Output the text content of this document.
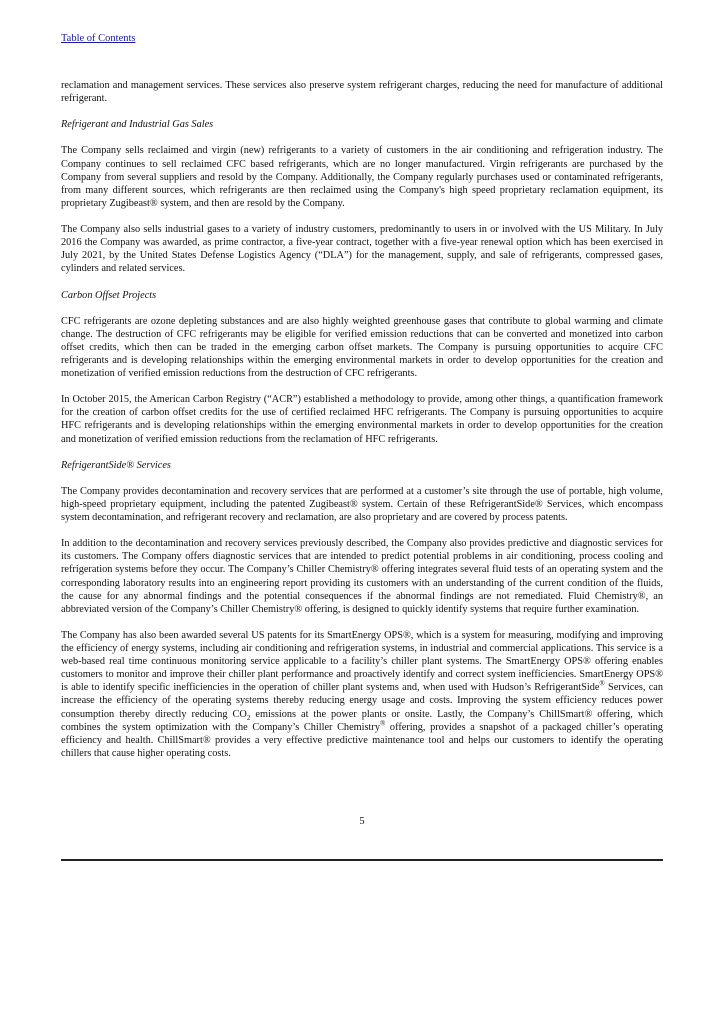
Table of Contents

reclamation and management services. These services also preserve system refrigerant charges, reducing the need for manufacture of additional refrigerant.

Refrigerant and Industrial Gas Sales

The Company sells reclaimed and virgin (new) refrigerants to a variety of customers in the air conditioning and refrigeration industry. The Company continues to sell reclaimed CFC based refrigerants, which are no longer manufactured. Virgin refrigerants are purchased by the Company from several suppliers and resold by the Company. Additionally, the Company regularly purchases used or contaminated refrigerants, from many different sources, which refrigerants are then reclaimed using the Company's high speed proprietary reclamation equipment, its proprietary Zugibeast® system, and then are resold by the Company.

The Company also sells industrial gases to a variety of industry customers, predominantly to users in or involved with the US Military. In July 2016 the Company was awarded, as prime contractor, a five-year contract, together with a five-year renewal option which has been exercised in July 2021, by the United States Defense Logistics Agency (“DLA”) for the management, supply, and sale of refrigerants, compressed gases, cylinders and related services.

Carbon Offset Projects

CFC refrigerants are ozone depleting substances and are also highly weighted greenhouse gases that contribute to global warming and climate change. The destruction of CFC refrigerants may be eligible for verified emission reductions that can be converted and monetized into carbon offset credits, which then can be traded in the emerging carbon offset markets. The Company is pursuing opportunities to acquire CFC refrigerants and is developing relationships within the emerging environmental markets in order to develop opportunities for the creation and monetization of verified emission reductions from the destruction of CFC refrigerants.

In October 2015, the American Carbon Registry (“ACR”) established a methodology to provide, among other things, a quantification framework for the creation of carbon offset credits for the use of certified reclaimed HFC refrigerants. The Company is pursuing opportunities to acquire HFC refrigerants and is developing relationships within the emerging environmental markets in order to develop opportunities for the creation and monetization of verified emission reductions from the reclamation of HFC refrigerants.

RefrigerantSide® Services

The Company provides decontamination and recovery services that are performed at a customer’s site through the use of portable, high volume, high-speed proprietary equipment, including the patented Zugibeast® system. Certain of these RefrigerantSide® Services, which encompass system decontamination, and refrigerant recovery and reclamation, are also proprietary and are covered by process patents.

In addition to the decontamination and recovery services previously described, the Company also provides predictive and diagnostic services for its customers. The Company offers diagnostic services that are intended to predict potential problems in air conditioning, process cooling and refrigeration systems before they occur. The Company’s Chiller Chemistry® offering integrates several fluid tests of an operating system and the corresponding laboratory results into an engineering report providing its customers with an understanding of the current condition of the fluids, the cause for any abnormal findings and the potential consequences if the abnormal findings are not remediated. Fluid Chemistry®, an abbreviated version of the Company’s Chiller Chemistry® offering, is designed to quickly identify systems that require further examination.

The Company has also been awarded several US patents for its SmartEnergy OPS®, which is a system for measuring, modifying and improving the efficiency of energy systems, including air conditioning and refrigeration systems, in industrial and commercial applications. This service is a web-based real time continuous monitoring service applicable to a facility’s chiller plant systems. The SmartEnergy OPS® offering enables customers to monitor and improve their chiller plant performance and proactively identify and correct system inefficiencies. SmartEnergy OPS® is able to identify specific inefficiencies in the operation of chiller plant systems and, when used with Hudson’s RefrigerantSide® Services, can increase the efficiency of the operating systems thereby reducing energy usage and costs. Improving the system efficiency reduces power consumption thereby directly reducing $CO_2$ emissions at the power plants or onsite. Lastly, the Company’s ChillSmart® offering, which combines the system optimization with the Company’s Chiller Chemistry® offering, provides a snapshot of a packaged chiller’s operating efficiency and health. ChillSmart® provides a very effective predictive maintenance tool and helps our customers to identify the operating chillers that cause higher operating costs.

5
